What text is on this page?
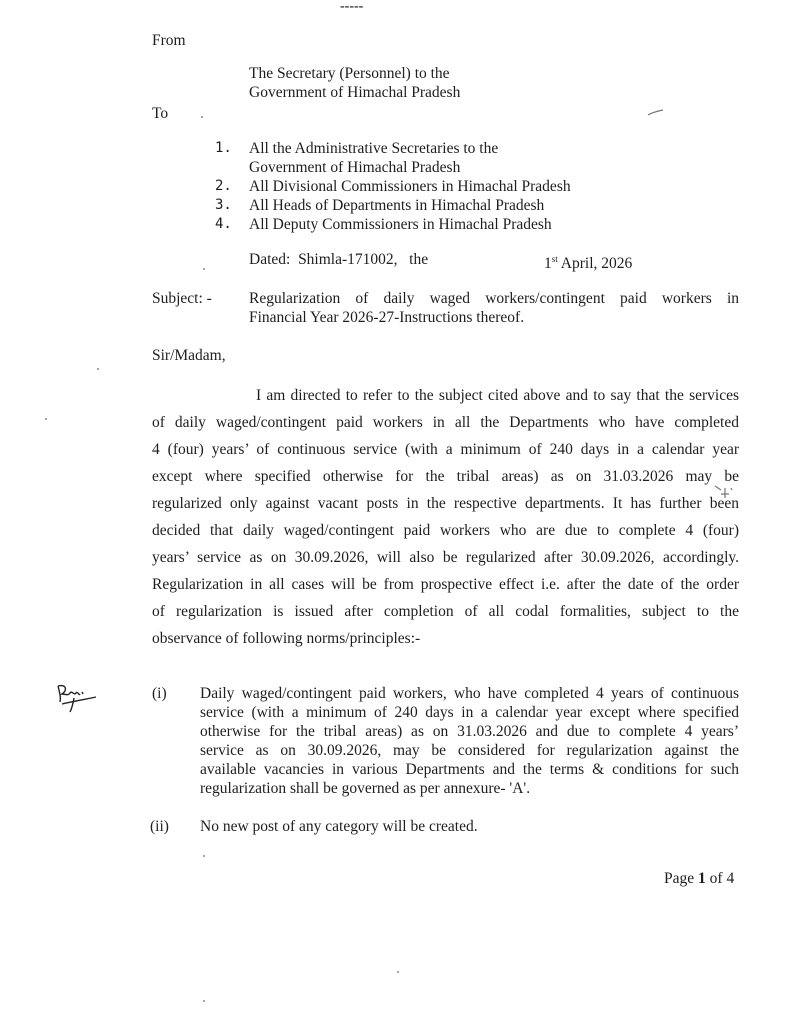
-----
From
The Secretary (Personnel) to the
Government of Himachal Pradesh
To
1. All the Administrative Secretaries to the
Government of Himachal Pradesh
2. All Divisional Commissioners in Himachal Pradesh
3. All Heads of Departments in Himachal Pradesh
4. All Deputy Commissioners in Himachal Pradesh
Dated:  Shimla-171002,   the	1st April, 2026
Subject: - Regularization of daily waged workers/contingent paid workers in
Financial Year 2026-27-Instructions thereof.
Sir/Madam,
I am directed to refer to the subject cited above and to say that the services
of daily waged/contingent paid workers in all the Departments who have completed
4 (four) years’ of continuous service (with a minimum of 240 days in a calendar year
except where specified otherwise for the tribal areas) as on 31.03.2026 may be
regularized only against vacant posts in the respective departments. It has further been
decided that daily waged/contingent paid workers who are due to complete 4 (four)
years’ service as on 30.09.2026, will also be regularized after 30.09.2026, accordingly.
Regularization in all cases will be from prospective effect i.e. after the date of the order
of regularization is issued after completion of all codal formalities, subject to the
observance of following norms/principles:-
(i) Daily waged/contingent paid workers, who have completed 4 years of continuous
service (with a minimum of 240 days in a calendar year except where specified
otherwise for the tribal areas) as on 31.03.2026 and due to complete 4 years’
service as on 30.09.2026, may be considered for regularization against the
available vacancies in various Departments and the terms & conditions for such
regularization shall be governed as per annexure- 'A'.
(ii) No new post of any category will be created.
Page 1 of 4
